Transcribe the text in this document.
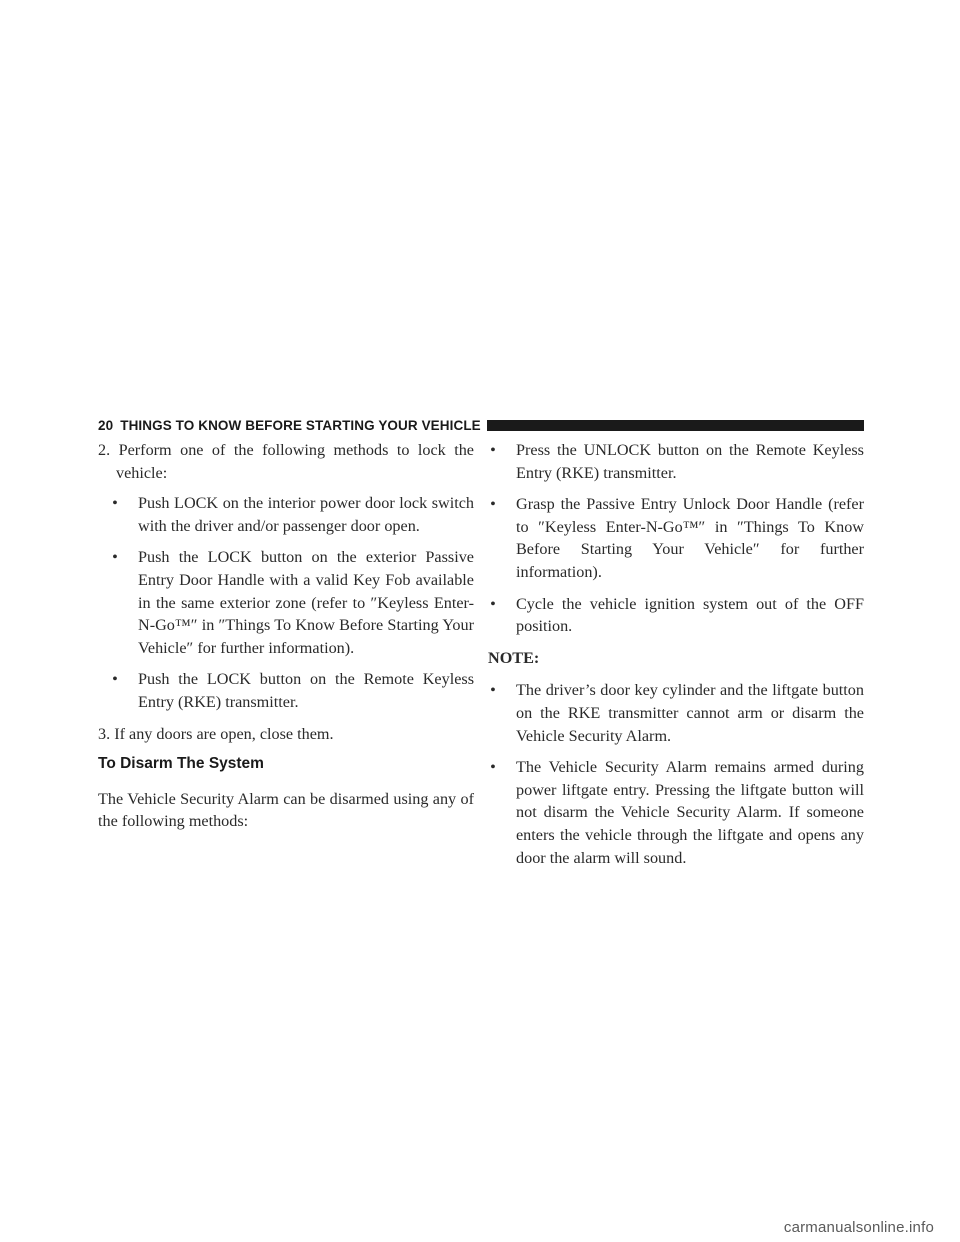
20 THINGS TO KNOW BEFORE STARTING YOUR VEHICLE

2. Perform one of the following methods to lock the vehicle:

• Push LOCK on the interior power door lock switch with the driver and/or passenger door open.

• Push the LOCK button on the exterior Passive Entry Door Handle with a valid Key Fob available in the same exterior zone (refer to ″Keyless Enter-N-Go™″ in ″Things To Know Before Starting Your Vehicle″ for further information).

• Push the LOCK button on the Remote Keyless Entry (RKE) transmitter.

3. If any doors are open, close them.

To Disarm The System

The Vehicle Security Alarm can be disarmed using any of the following methods:

• Press the UNLOCK button on the Remote Keyless Entry (RKE) transmitter.

• Grasp the Passive Entry Unlock Door Handle (refer to ″Keyless Enter-N-Go™″ in ″Things To Know Before Starting Your Vehicle″ for further information).

• Cycle the vehicle ignition system out of the OFF position.

NOTE:

• The driver’s door key cylinder and the liftgate button on the RKE transmitter cannot arm or disarm the Vehicle Security Alarm.

• The Vehicle Security Alarm remains armed during power liftgate entry. Pressing the liftgate button will not disarm the Vehicle Security Alarm. If someone enters the vehicle through the liftgate and opens any door the alarm will sound.

carmanualsonline.info
